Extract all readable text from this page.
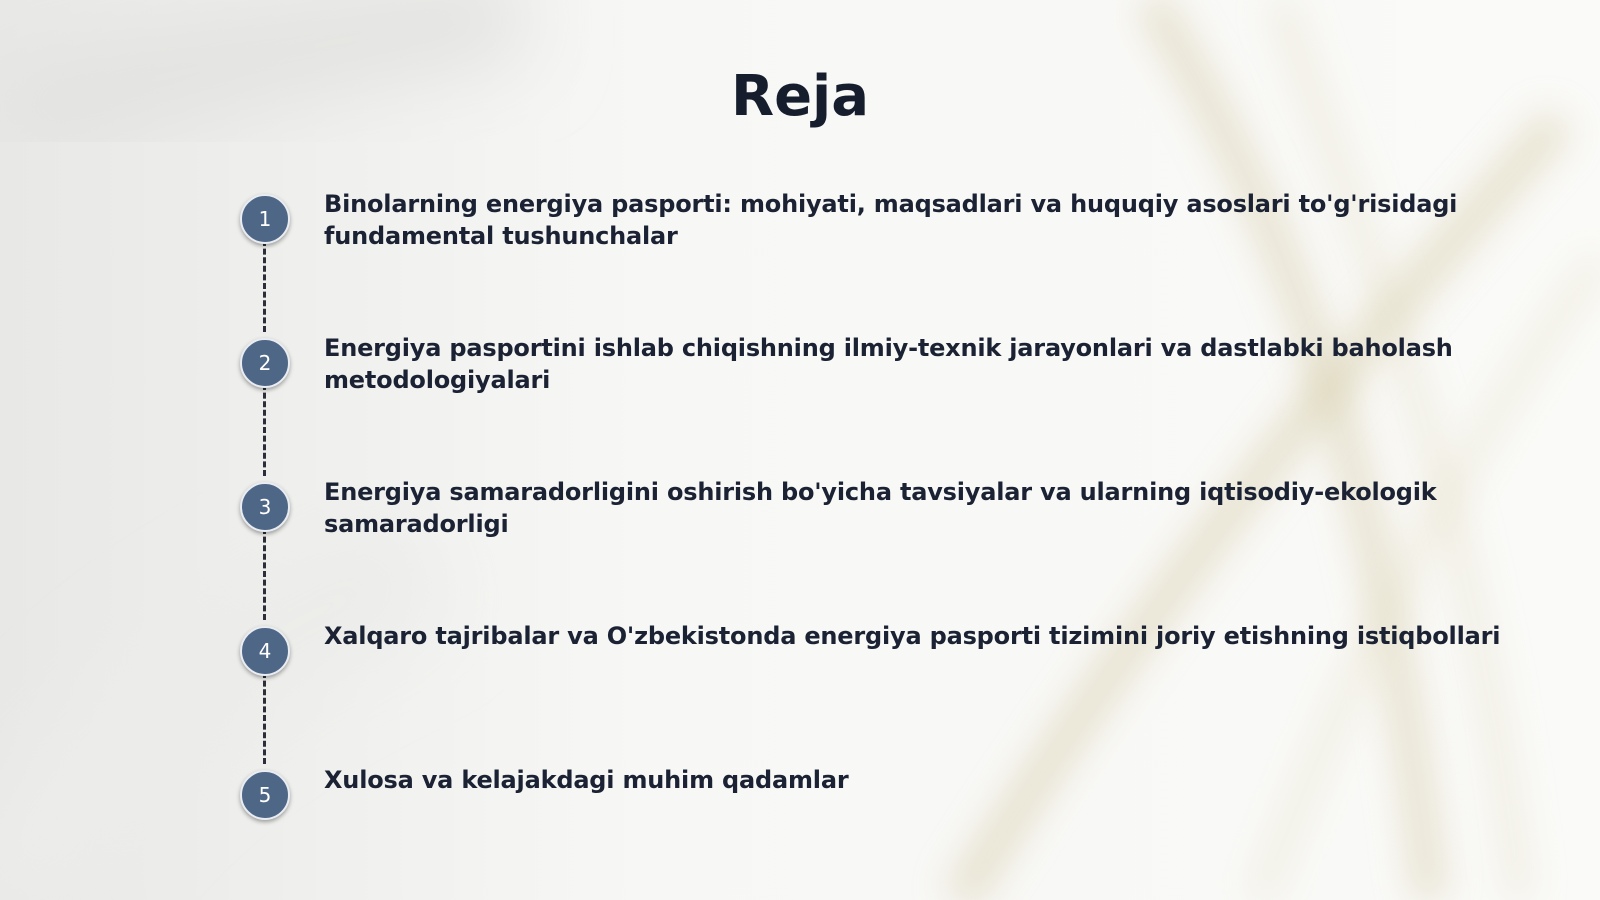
Reja
1

Binolarning energiya pasporti: mohiyati, maqsadlari va huquqiy asoslari to'g'risidagi fundamental tushunchalar

2

Energiya pasportini ishlab chiqishning ilmiy-texnik jarayonlari va dastlabki baholash metodologiyalari

3

Energiya samaradorligini oshirish bo'yicha tavsiyalar va ularning iqtisodiy-ekologik samaradorligi

4

Xalqaro tajribalar va O'zbekistonda energiya pasporti tizimini joriy etishning istiqbollari

5

Xulosa va kelajakdagi muhim qadamlar
